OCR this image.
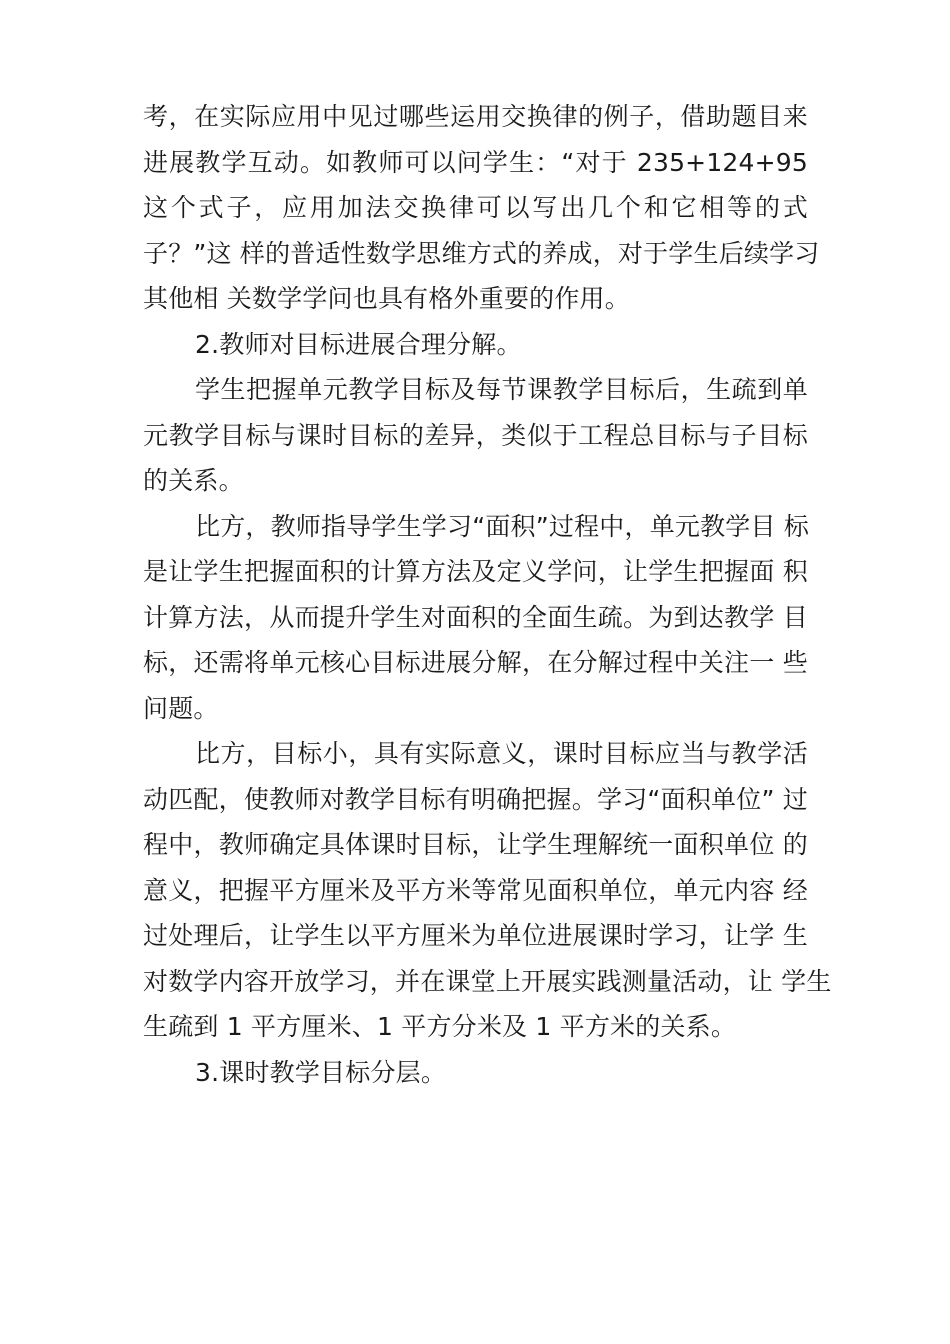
考，在实际应用中见过哪些运用交换律的例子，借助题目来
进展教学互动。如教师可以问学生：“对于 235+124+95
这个式子，应用加法交换律可以写出几个和它相等的式
子？”这 样的普适性数学思维方式的养成，对于学生后续学习
其他相 关数学学问也具有格外重要的作用。
2.教师对目标进展合理分解。
学生把握单元教学目标及每节课教学目标后，生疏到单
元教学目标与课时目标的差异，类似于工程总目标与子目标
的关系。
比方，教师指导学生学习“面积”过程中，单元教学目 标
是让学生把握面积的计算方法及定义学问，让学生把握面 积
计算方法，从而提升学生对面积的全面生疏。为到达教学 目
标，还需将单元核心目标进展分解，在分解过程中关注一 些
问题。
比方，目标小，具有实际意义，课时目标应当与教学活
动匹配，使教师对教学目标有明确把握。学习“面积单位” 过
程中，教师确定具体课时目标，让学生理解统一面积单位 的
意义，把握平方厘米及平方米等常见面积单位，单元内容 经
过处理后，让学生以平方厘米为单位进展课时学习，让学 生
对数学内容开放学习，并在课堂上开展实践测量活动，让 学生
生疏到 1 平方厘米、1 平方分米及 1 平方米的关系。
3.课时教学目标分层。
